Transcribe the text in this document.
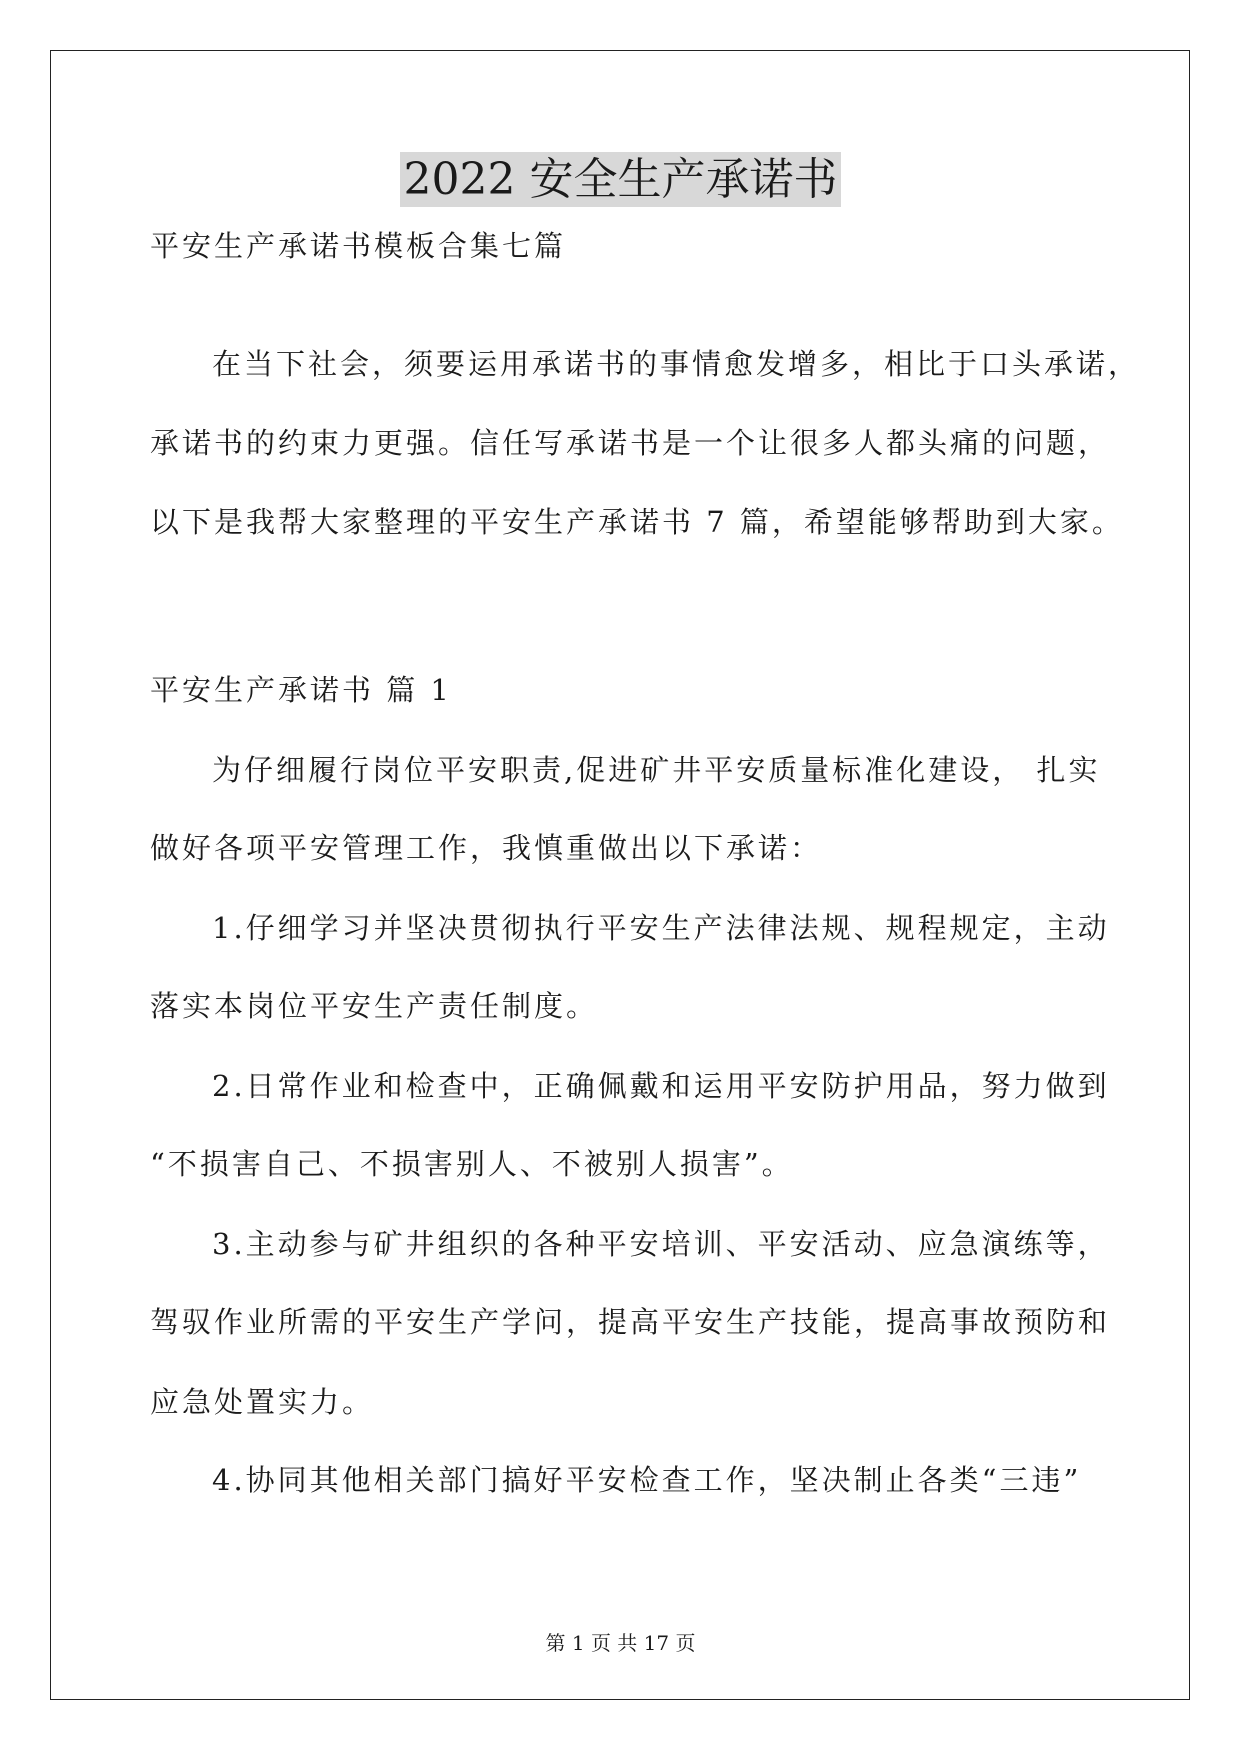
2022 安全生产承诺书
平安生产承诺书模板合集七篇
在当下社会，须要运用承诺书的事情愈发增多，相比于口头承诺，
承诺书的约束力更强。信任写承诺书是一个让很多人都头痛的问题，
以下是我帮大家整理的平安生产承诺书 7 篇，希望能够帮助到大家。
平安生产承诺书 篇 1
为仔细履行岗位平安职责,促进矿井平安质量标准化建设， 扎实
做好各项平安管理工作，我慎重做出以下承诺：
1.仔细学习并坚决贯彻执行平安生产法律法规、规程规定，主动
落实本岗位平安生产责任制度。
2.日常作业和检查中，正确佩戴和运用平安防护用品，努力做到
“不损害自己、不损害别人、不被别人损害”。
3.主动参与矿井组织的各种平安培训、平安活动、应急演练等，
驾驭作业所需的平安生产学问，提高平安生产技能，提高事故预防和
应急处置实力。
4.协同其他相关部门搞好平安检查工作，坚决制止各类“三违”
第 1 页 共 17 页
